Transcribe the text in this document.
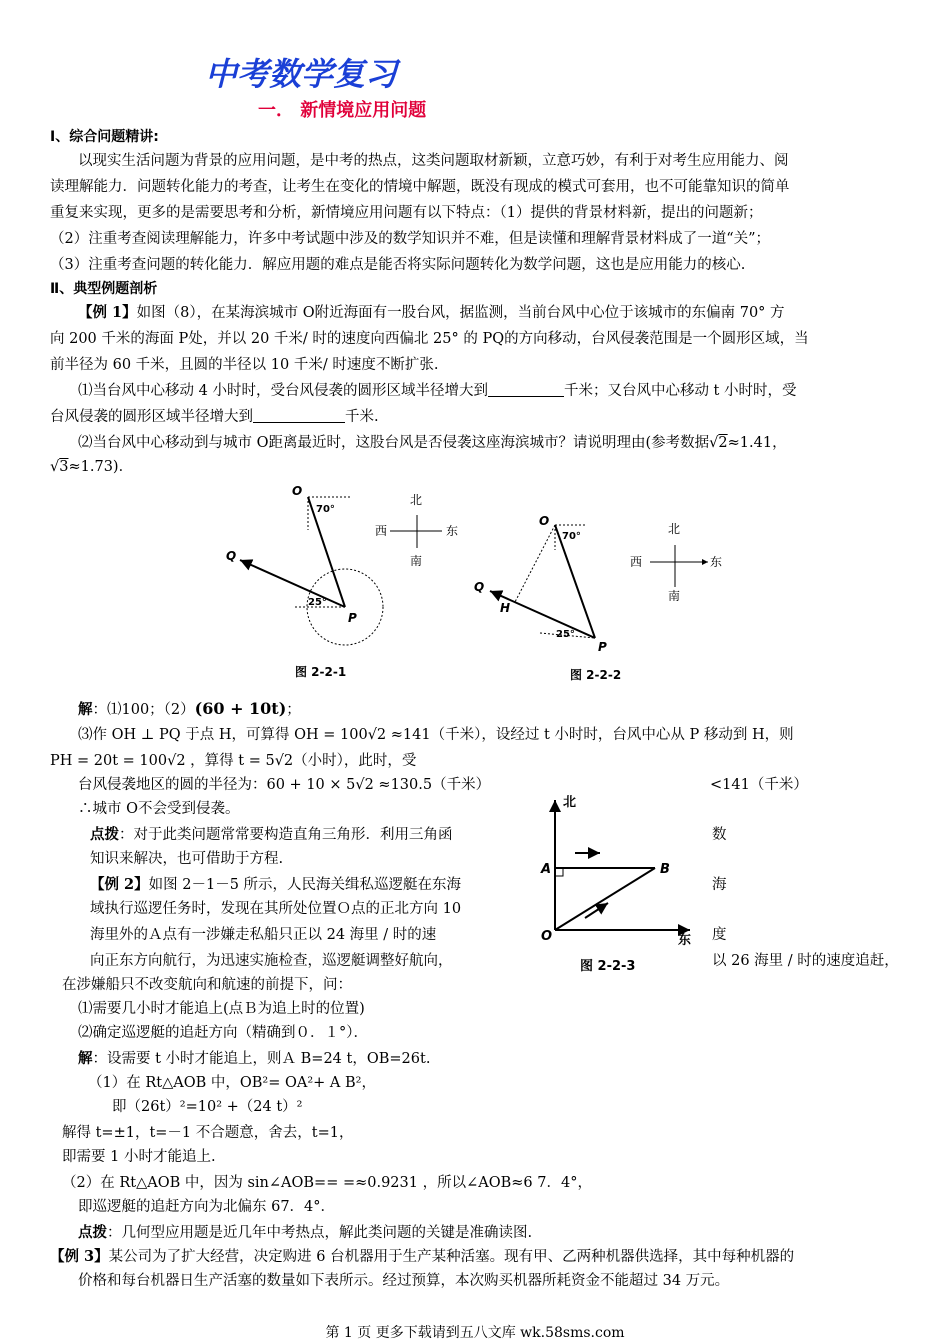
中考数学复习
一． 新情境应用问题
Ⅰ、综合问题精讲:
以现实生活问题为背景的应用问题，是中考的热点，这类问题取材新颖，立意巧妙，有利于对考生应用能力、阅
读理解能力．问题转化能力的考查，让考生在变化的情境中解题，既没有现成的模式可套用，也不可能靠知识的简单
重复来实现，更多的是需要思考和分析，新情境应用问题有以下特点：（1）提供的背景材料新，提出的问题新；
（2）注重考查阅读理解能力，许多中考试题中涉及的数学知识并不难，但是读懂和理解背景材料成了一道“关”；
（3）注重考查问题的转化能力．解应用题的难点是能否将实际问题转化为数学问题，这也是应用能力的核心.
Ⅱ、典型例题剖析
【例 1】如图（8），在某海滨城市 O附近海面有一股台风，据监测，当前台风中心位于该城市的东偏南 70° 方
向 200 千米的海面 P处，并以 20 千米/ 时的速度向西偏北 25° 的 PQ的方向移动，台风侵袭范围是一个圆形区域，当
前半径为 60 千米，且圆的半径以 10 千米/ 时速度不断扩张.
⑴当台风中心移动 4 小时时，受台风侵袭的圆形区域半径增大到	千米；又台风中心移动 t 小时时，受
台风侵袭的圆形区域半径增大到	千米.
⑵当台风中心移动到与城市 O距离最近时，这股台风是否侵袭这座海滨城市？请说明理由(参考数据√2≈1.41，
√3≈1.73)．
O
70°
Q
25°
P
图 2-2-1
北
南
西	东
O
70°
Q
H
25°
P
图 2-2-2
北
南
西	东
解：⑴100；（2）(60 + 10t)；
⑶作 OH ⊥ PQ 于点 H，可算得 OH = 100√2 ≈141（千米），设经过 t 小时时，台风中心从 P 移动到 H，则
PH = 20t = 100√2 ，算得 t = 5√2（小时），此时，受
台风侵袭地区的圆的半径为：60 + 10 × 5√2 ≈130.5（千米）	<141（千米）
∴城市 O不会受到侵袭。
点拨：对于此类问题常常要构造直角三角形．利用三角函	数
知识来解决，也可借助于方程.
北
东
A	B
O
图 2-2-3
【例 2】如图 2－1－5 所示，人民海关缉私巡逻艇在东海	海
域执行巡逻任务时，发现在其所处位置Ｏ点的正北方向 10
海里外的Ａ点有一涉嫌走私船只正以 24 海里 / 时的速	度
向正东方向航行，为迅速实施检查，巡逻艇调整好航向，	以 26 海里 / 时的速度追赶，
在涉嫌船只不改变航向和航速的前提下，问：
⑴需要几小时才能追上(点Ｂ为追上时的位置)
⑵确定巡逻艇的追赶方向（精确到０．１°）．
解：设需要 t 小时才能追上，则Ａ B=24 t，OB=26t.
（1）在 Rt△AOB 中，OB²= OA²+ A B²，
即（26t）²=10² +（24 t）²
解得 t=±1，t=－1 不合题意，舍去，t=1，
即需要 1 小时才能追上.
（2）在 Rt△AOB 中，因为 sin∠AOB== =≈0.9231 ，所以∠AOB≈6 7．4°，
即巡逻艇的追赶方向为北偏东 67．4°．
点拨：几何型应用题是近几年中考热点，解此类问题的关键是准确读图.
【例 3】某公司为了扩大经营，决定购进 6 台机器用于生产某种活塞。现有甲、乙两种机器供选择，其中每种机器的
价格和每台机器日生产活塞的数量如下表所示。经过预算，本次购买机器所耗资金不能超过 34 万元。
第 1 页 更多下载请到五八文库 wk.58sms.com
